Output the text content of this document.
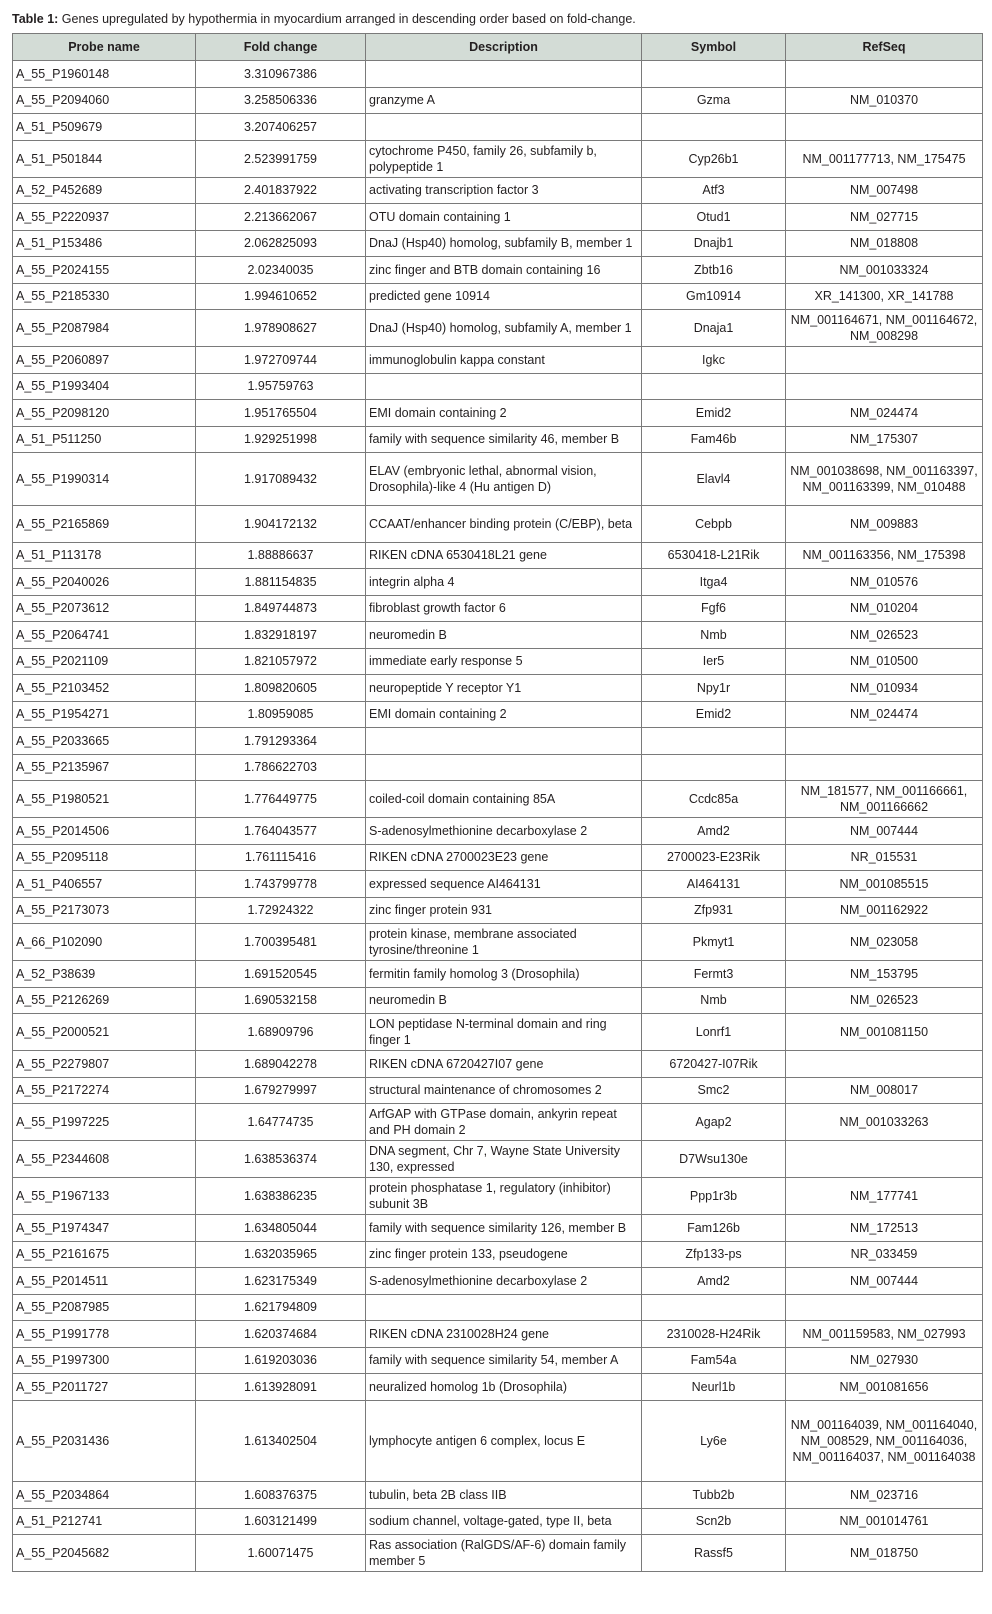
Table 1: Genes upregulated by hypothermia in myocardium arranged in descending order based on fold-change.
Probe name	Fold change	Description	Symbol	RefSeq
A_55_P1960148	3.310967386			
A_55_P2094060	3.258506336	granzyme A	Gzma	NM_010370
A_51_P509679	3.207406257			
A_51_P501844	2.523991759	cytochrome P450, family 26, subfamily b, polypeptide 1	Cyp26b1	NM_001177713, NM_175475
A_52_P452689	2.401837922	activating transcription factor 3	Atf3	NM_007498
A_55_P2220937	2.213662067	OTU domain containing 1	Otud1	NM_027715
A_51_P153486	2.062825093	DnaJ (Hsp40) homolog, subfamily B, member 1	Dnajb1	NM_018808
A_55_P2024155	2.02340035	zinc finger and BTB domain containing 16	Zbtb16	NM_001033324
A_55_P2185330	1.994610652	predicted gene 10914	Gm10914	XR_141300, XR_141788
A_55_P2087984	1.978908627	DnaJ (Hsp40) homolog, subfamily A, member 1	Dnaja1	NM_001164671, NM_001164672, NM_008298
A_55_P2060897	1.972709744	immunoglobulin kappa constant	Igkc	
A_55_P1993404	1.95759763			
A_55_P2098120	1.951765504	EMI domain containing 2	Emid2	NM_024474
A_51_P511250	1.929251998	family with sequence similarity 46, member B	Fam46b	NM_175307
A_55_P1990314	1.917089432	ELAV (embryonic lethal, abnormal vision, Drosophila)-like 4 (Hu antigen D)	Elavl4	NM_001038698, NM_001163397, NM_001163399, NM_010488
A_55_P2165869	1.904172132	CCAAT/enhancer binding protein (C/EBP), beta	Cebpb	NM_009883
A_51_P113178	1.88886637	RIKEN cDNA 6530418L21 gene	6530418-L21Rik	NM_001163356, NM_175398
A_55_P2040026	1.881154835	integrin alpha 4	Itga4	NM_010576
A_55_P2073612	1.849744873	fibroblast growth factor 6	Fgf6	NM_010204
A_55_P2064741	1.832918197	neuromedin B	Nmb	NM_026523
A_55_P2021109	1.821057972	immediate early response 5	Ier5	NM_010500
A_55_P2103452	1.809820605	neuropeptide Y receptor Y1	Npy1r	NM_010934
A_55_P1954271	1.80959085	EMI domain containing 2	Emid2	NM_024474
A_55_P2033665	1.791293364			
A_55_P2135967	1.786622703			
A_55_P1980521	1.776449775	coiled-coil domain containing 85A	Ccdc85a	NM_181577, NM_001166661, NM_001166662
A_55_P2014506	1.764043577	S-adenosylmethionine decarboxylase 2	Amd2	NM_007444
A_55_P2095118	1.761115416	RIKEN cDNA 2700023E23 gene	2700023-E23Rik	NR_015531
A_51_P406557	1.743799778	expressed sequence AI464131	AI464131	NM_001085515
A_55_P2173073	1.72924322	zinc finger protein 931	Zfp931	NM_001162922
A_66_P102090	1.700395481	protein kinase, membrane associated tyrosine/threonine 1	Pkmyt1	NM_023058
A_52_P38639	1.691520545	fermitin family homolog 3 (Drosophila)	Fermt3	NM_153795
A_55_P2126269	1.690532158	neuromedin B	Nmb	NM_026523
A_55_P2000521	1.68909796	LON peptidase N-terminal domain and ring finger 1	Lonrf1	NM_001081150
A_55_P2279807	1.689042278	RIKEN cDNA 6720427I07 gene	6720427-I07Rik	
A_55_P2172274	1.679279997	structural maintenance of chromosomes 2	Smc2	NM_008017
A_55_P1997225	1.64774735	ArfGAP with GTPase domain, ankyrin repeat and PH domain 2	Agap2	NM_001033263
A_55_P2344608	1.638536374	DNA segment, Chr 7, Wayne State University 130, expressed	D7Wsu130e	
A_55_P1967133	1.638386235	protein phosphatase 1, regulatory (inhibitor) subunit 3B	Ppp1r3b	NM_177741
A_55_P1974347	1.634805044	family with sequence similarity 126, member B	Fam126b	NM_172513
A_55_P2161675	1.632035965	zinc finger protein 133, pseudogene	Zfp133-ps	NR_033459
A_55_P2014511	1.623175349	S-adenosylmethionine decarboxylase 2	Amd2	NM_007444
A_55_P2087985	1.621794809			
A_55_P1991778	1.620374684	RIKEN cDNA 2310028H24 gene	2310028-H24Rik	NM_001159583, NM_027993
A_55_P1997300	1.619203036	family with sequence similarity 54, member A	Fam54a	NM_027930
A_55_P2011727	1.613928091	neuralized homolog 1b (Drosophila)	Neurl1b	NM_001081656
A_55_P2031436	1.613402504	lymphocyte antigen 6 complex, locus E	Ly6e	NM_001164039, NM_001164040, NM_008529, NM_001164036, NM_001164037, NM_001164038
A_55_P2034864	1.608376375	tubulin, beta 2B class IIB	Tubb2b	NM_023716
A_51_P212741	1.603121499	sodium channel, voltage-gated, type II, beta	Scn2b	NM_001014761
A_55_P2045682	1.60071475	Ras association (RalGDS/AF-6) domain family member 5	Rassf5	NM_018750
